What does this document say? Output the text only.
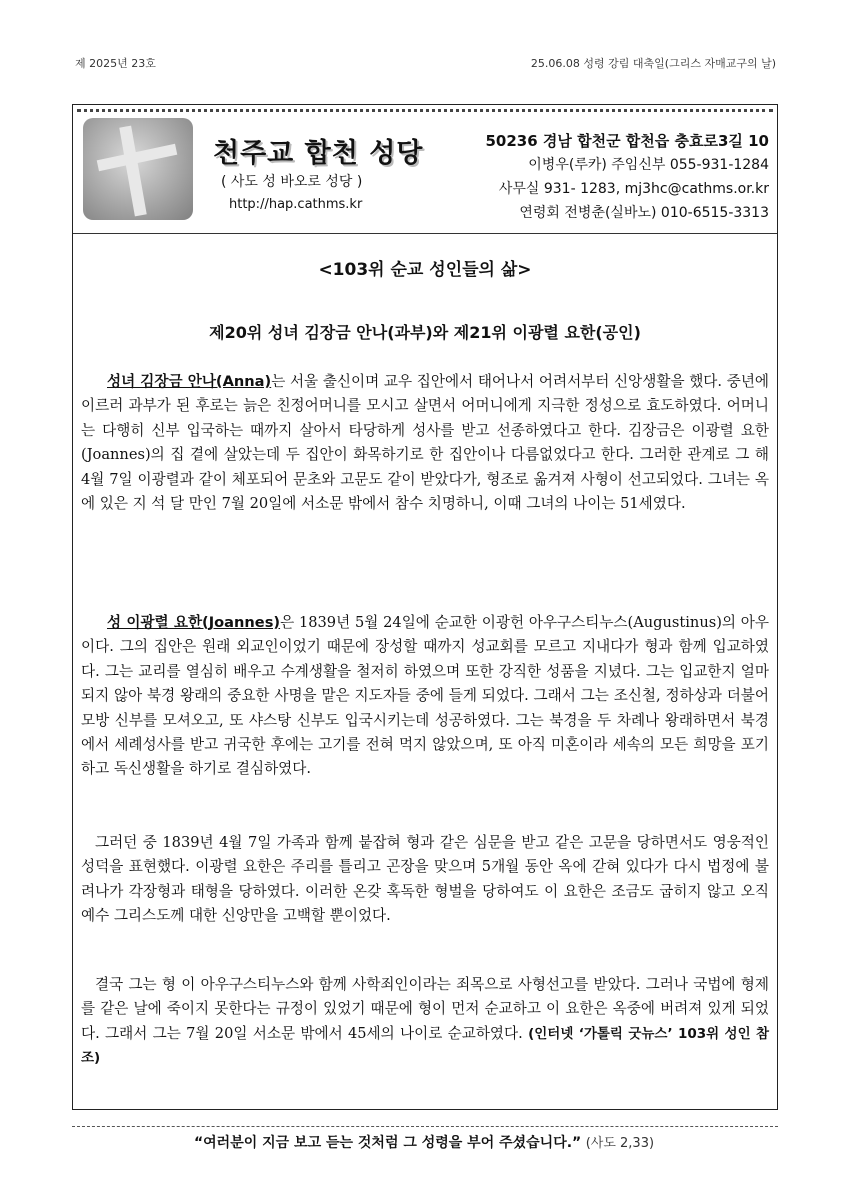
제 2025년 23호	25.06.08 성령 강림 대축일(그리스 자매교구의 날)
천주교 합천 성당
( 사도 성 바오로 성당 )
http://hap.cathms.kr
50236 경남 합천군 합천읍 충효로3길 10
이병우(루카) 주임신부 055-931-1284
사무실 931- 1283, mj3hc@cathms.or.kr
연령회 전병춘(실바노) 010-6515-3313
<103위 순교 성인들의 삶>
제20위 성녀 김장금 안나(과부)와 제21위 이광렬 요한(공인)
성녀 김장금 안나(Anna)는 서울 출신이며 교우 집안에서 태어나서 어려서부터 신앙생활을 했다. 중년에 이르러 과부가 된 후로는 늙은 친정어머니를 모시고 살면서 어머니에게 지극한 정성으로 효도하였다. 어머니는 다행히 신부 입국하는 때까지 살아서 타당하게 성사를 받고 선종하였다고 한다. 김장금은 이광렬 요한(Joannes)의 집 곁에 살았는데 두 집안이 화목하기로 한 집안이나 다름없었다고 한다. 그러한 관계로 그 해 4월 7일 이광렬과 같이 체포되어 문초와 고문도 같이 받았다가, 형조로 옮겨져 사형이 선고되었다. 그녀는 옥에 있은 지 석 달 만인 7월 20일에 서소문 밖에서 참수 치명하니, 이때 그녀의 나이는 51세였다.
성 이광렬 요한(Joannes)은 1839년 5월 24일에 순교한 이광헌 아우구스티누스(Augustinus)의 아우이다. 그의 집안은 원래 외교인이었기 때문에 장성할 때까지 성교회를 모르고 지내다가 형과 함께 입교하였다. 그는 교리를 열심히 배우고 수계생활을 철저히 하였으며 또한 강직한 성품을 지녔다. 그는 입교한지 얼마 되지 않아 북경 왕래의 중요한 사명을 맡은 지도자들 중에 들게 되었다. 그래서 그는 조신철, 정하상과 더불어 모방 신부를 모셔오고, 또 샤스탕 신부도 입국시키는데 성공하였다. 그는 북경을 두 차례나 왕래하면서 북경에서 세례성사를 받고 귀국한 후에는 고기를 전혀 먹지 않았으며, 또 아직 미혼이라 세속의 모든 희망을 포기하고 독신생활을 하기로 결심하였다.
그러던 중 1839년 4월 7일 가족과 함께 붙잡혀 형과 같은 심문을 받고 같은 고문을 당하면서도 영웅적인 성덕을 표현했다. 이광렬 요한은 주리를 틀리고 곤장을 맞으며 5개월 동안 옥에 갇혀 있다가 다시 법정에 불려나가 각장형과 태형을 당하였다. 이러한 온갖 혹독한 형벌을 당하여도 이 요한은 조금도 굽히지 않고 오직 예수 그리스도께 대한 신앙만을 고백할 뿐이었다.
결국 그는 형 이 아우구스티누스와 함께 사학죄인이라는 죄목으로 사형선고를 받았다. 그러나 국법에 형제를 같은 날에 죽이지 못한다는 규정이 있었기 때문에 형이 먼저 순교하고 이 요한은 옥중에 버려져 있게 되었다. 그래서 그는 7월 20일 서소문 밖에서 45세의 나이로 순교하였다. (인터넷 ‘가톨릭 굿뉴스’ 103위 성인 참조)
“여러분이 지금 보고 듣는 것처럼 그 성령을 부어 주셨습니다.” (사도 2,33)
